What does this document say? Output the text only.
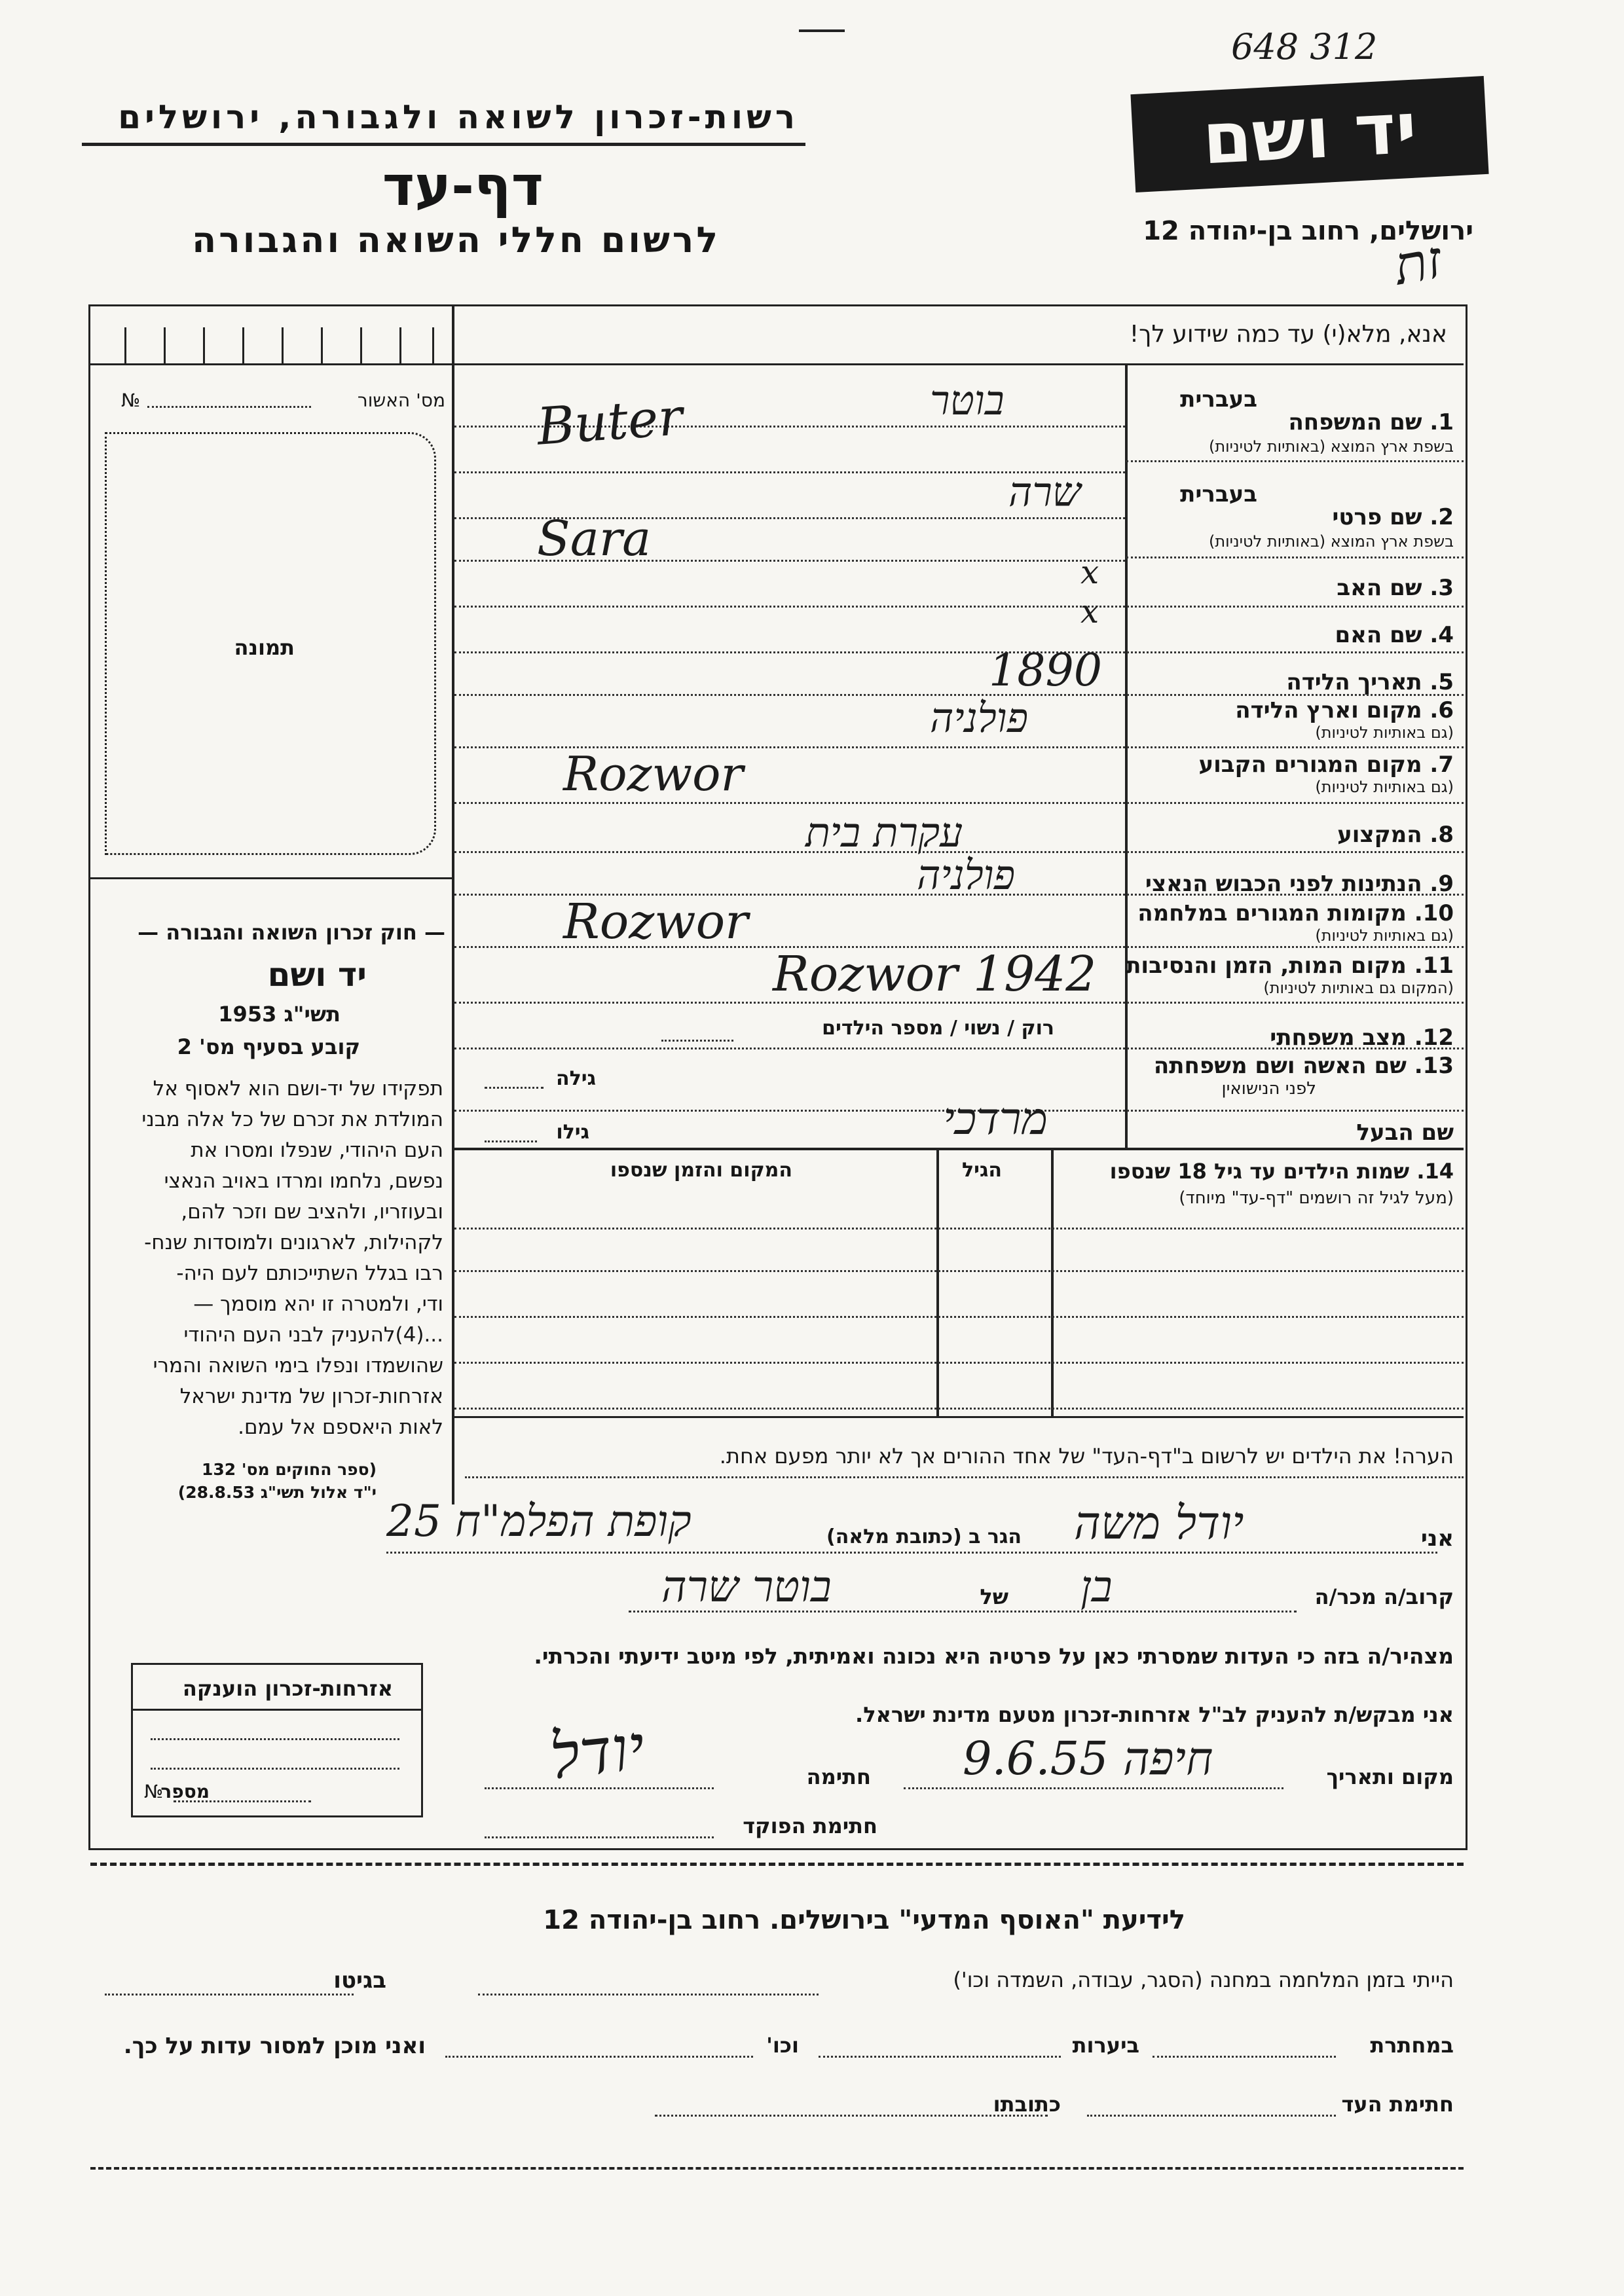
648 312
זת
רשות-זכרון לשואה ולגבורה, ירושלים
דף-עד
לרשום חללי השואה והגבורה
יד ושם
ירושלים, רחוב בן-יהודה 12
מס' האשור
№
תמונה
— חוק זכרון השואה והגבורה —
יד ושם
תשי"ג 1953
קובע בסעיף מס' 2
תפקידו של יד-ושם הוא לאסוף אל
המולדת את זכרם של כל אלה מבני
העם היהודי, שנפלו ומסרו את
נפשם, נלחמו ומרדו באויב הנאצי
ובעוזריו, ולהציב שם וזכר להם,
לקהילות, לארגונים ולמוסדות שנח-
רבו בגלל השתייכותם לעם היה-
ודי, ולמטרה זו יהא מוסמך —
...(4)להעניק לבני העם היהודי
שהושמדו ונפלו בימי השואה והמרי
אזרחות-זכרון של מדינת ישראל
לאות היאספם אל עמם.
(ספר החוקים מס' 132
י"ד אלול תשי"ג 28.8.53)
אנא, מלא(י) עד כמה שידוע לך!
בעברית
1. שם המשפחה
בשפת ארץ המוצא (באותיות לטיניות)
בעברית
2. שם פרטי
בשפת ארץ המוצא (באותיות לטיניות)
3. שם האב
4. שם האם
5. תאריך הלידה
6. מקום וארץ הלידה
(גם באותיות לטיניות)
7. מקום המגורים הקבוע
(גם באותיות לטיניות)
8. המקצוע
9. הנתינות לפני הכבוש הנאצי
10. מקומות המגורים במלחמה
(גם באותיות לטיניות)
11. מקום המות, הזמן והנסיבות
(המקום גם באותיות לטיניות)
12. מצב משפחתי
13. שם האשה ושם משפחתה
לפני הנישואין
שם הבעל
בוטר
Buter
שרה
Sara
x
x
1890
פולניה
Rozwor
עקרת בית
פולניה
Rozwor
Rozwor 1942
רוק / נשוי / מספר הילדים
גילה
גילו	מרדכי
14. שמות הילדים עד גיל 18 שנספו
(מעל לגיל זה רושמים "דף-עד" מיוחד)
הגיל
המקום והזמן שנספו
הערה! את הילדים יש לרשום ב"דף-העד" של אחד ההורים אך לא יותר מפעם אחת.
אני
יודל משה
הגר ב (כתובת מלאה)
קופת הפלמ"ח 25
קרוב/ה מכר/ה
בן
של
בוטר שרה
מצהיר/ה בזה כי העדות שמסרתי כאן על פרטיה היא נכונה ואמיתית, לפי מיטב ידיעתי והכרתי.
אני מבקש/ת להעניק לב"ל אזרחות-זכרון מטעם מדינת ישראל.
מקום ותאריך
חיפה 9.6.55
חתימה
יודל
חתימת הפוקד
אזרחות-זכרון הוענקה
מספר
№
לידיעת "האוסף המדעי" בירושלים. רחוב בן-יהודה 12
הייתי בזמן המלחמה במחנה (הסגר, עבודה, השמדה וכו')
בגיטו
במחתרת
ביערות
וכו'
ואני מוכן למסור עדות על כך.
חתימת העד
כתובתו
